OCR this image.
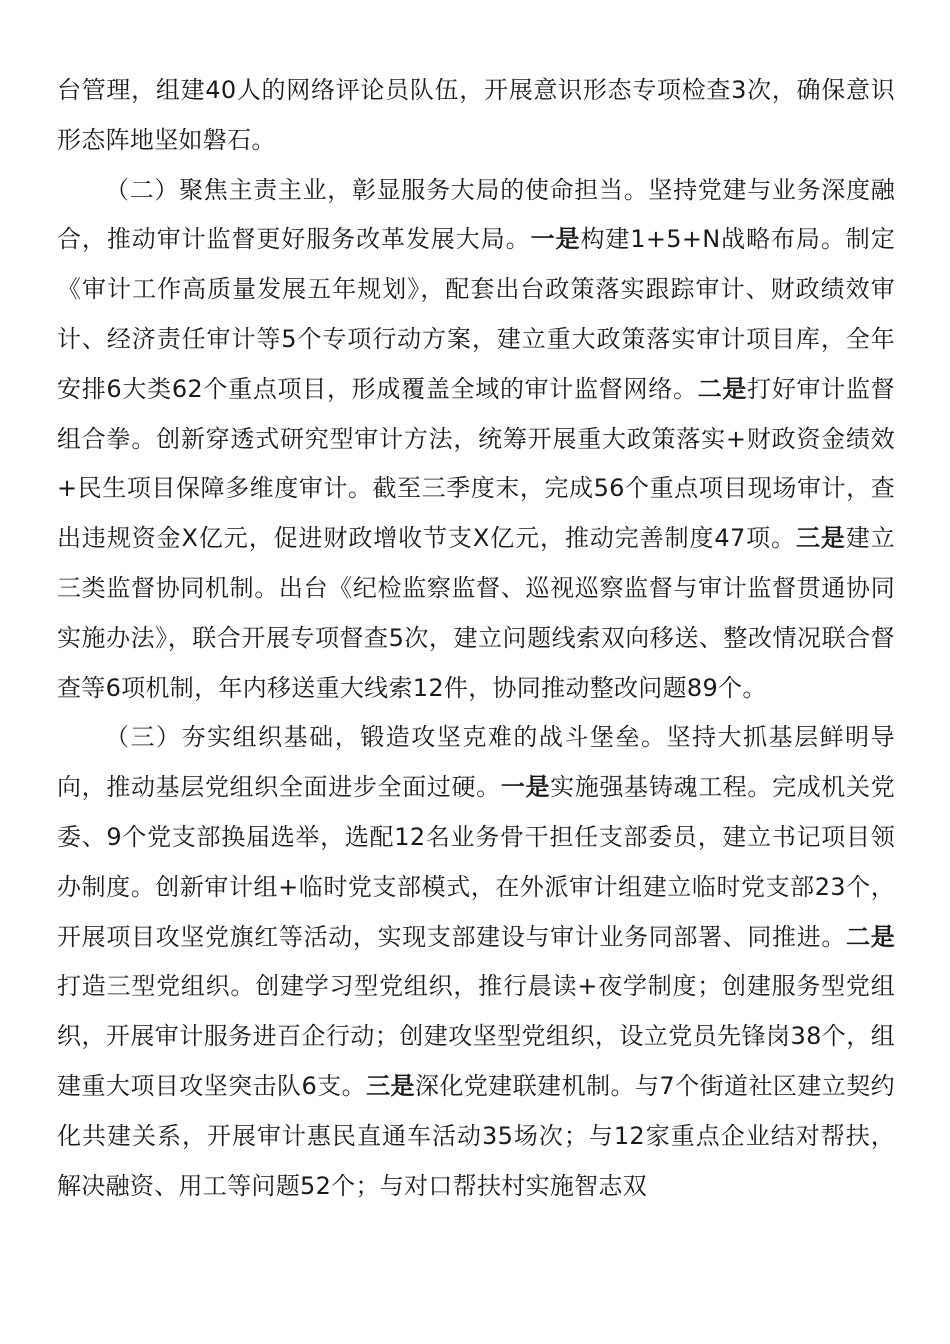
台管理，组建40人的网络评论员队伍，开展意识形态专项检查3次，确保意识形态阵地坚如磐石。

（二）聚焦主责主业，彰显服务大局的使命担当。坚持党建与业务深度融合，推动审计监督更好服务改革发展大局。一是构建1+5+N战略布局。制定《审计工作高质量发展五年规划》，配套出台政策落实跟踪审计、财政绩效审计、经济责任审计等5个专项行动方案，建立重大政策落实审计项目库，全年安排6大类62个重点项目，形成覆盖全域的审计监督网络。二是打好审计监督组合拳。创新穿透式研究型审计方法，统筹开展重大政策落实+财政资金绩效+民生项目保障多维度审计。截至三季度末，完成56个重点项目现场审计，查出违规资金X亿元，促进财政增收节支X亿元，推动完善制度47项。三是建立三类监督协同机制。出台《纪检监察监督、巡视巡察监督与审计监督贯通协同实施办法》，联合开展专项督查5次，建立问题线索双向移送、整改情况联合督查等6项机制，年内移送重大线索12件，协同推动整改问题89个。

（三）夯实组织基础，锻造攻坚克难的战斗堡垒。坚持大抓基层鲜明导向，推动基层党组织全面进步全面过硬。一是实施强基铸魂工程。完成机关党委、9个党支部换届选举，选配12名业务骨干担任支部委员，建立书记项目领办制度。创新审计组+临时党支部模式，在外派审计组建立临时党支部23个，开展项目攻坚党旗红等活动，实现支部建设与审计业务同部署、同推进。二是打造三型党组织。创建学习型党组织，推行晨读+夜学制度；创建服务型党组织，开展审计服务进百企行动；创建攻坚型党组织，设立党员先锋岗38个，组建重大项目攻坚突击队6支。三是深化党建联建机制。与7个街道社区建立契约化共建关系，开展审计惠民直通车活动35场次；与12家重点企业结对帮扶，解决融资、用工等问题52个；与对口帮扶村实施智志双
